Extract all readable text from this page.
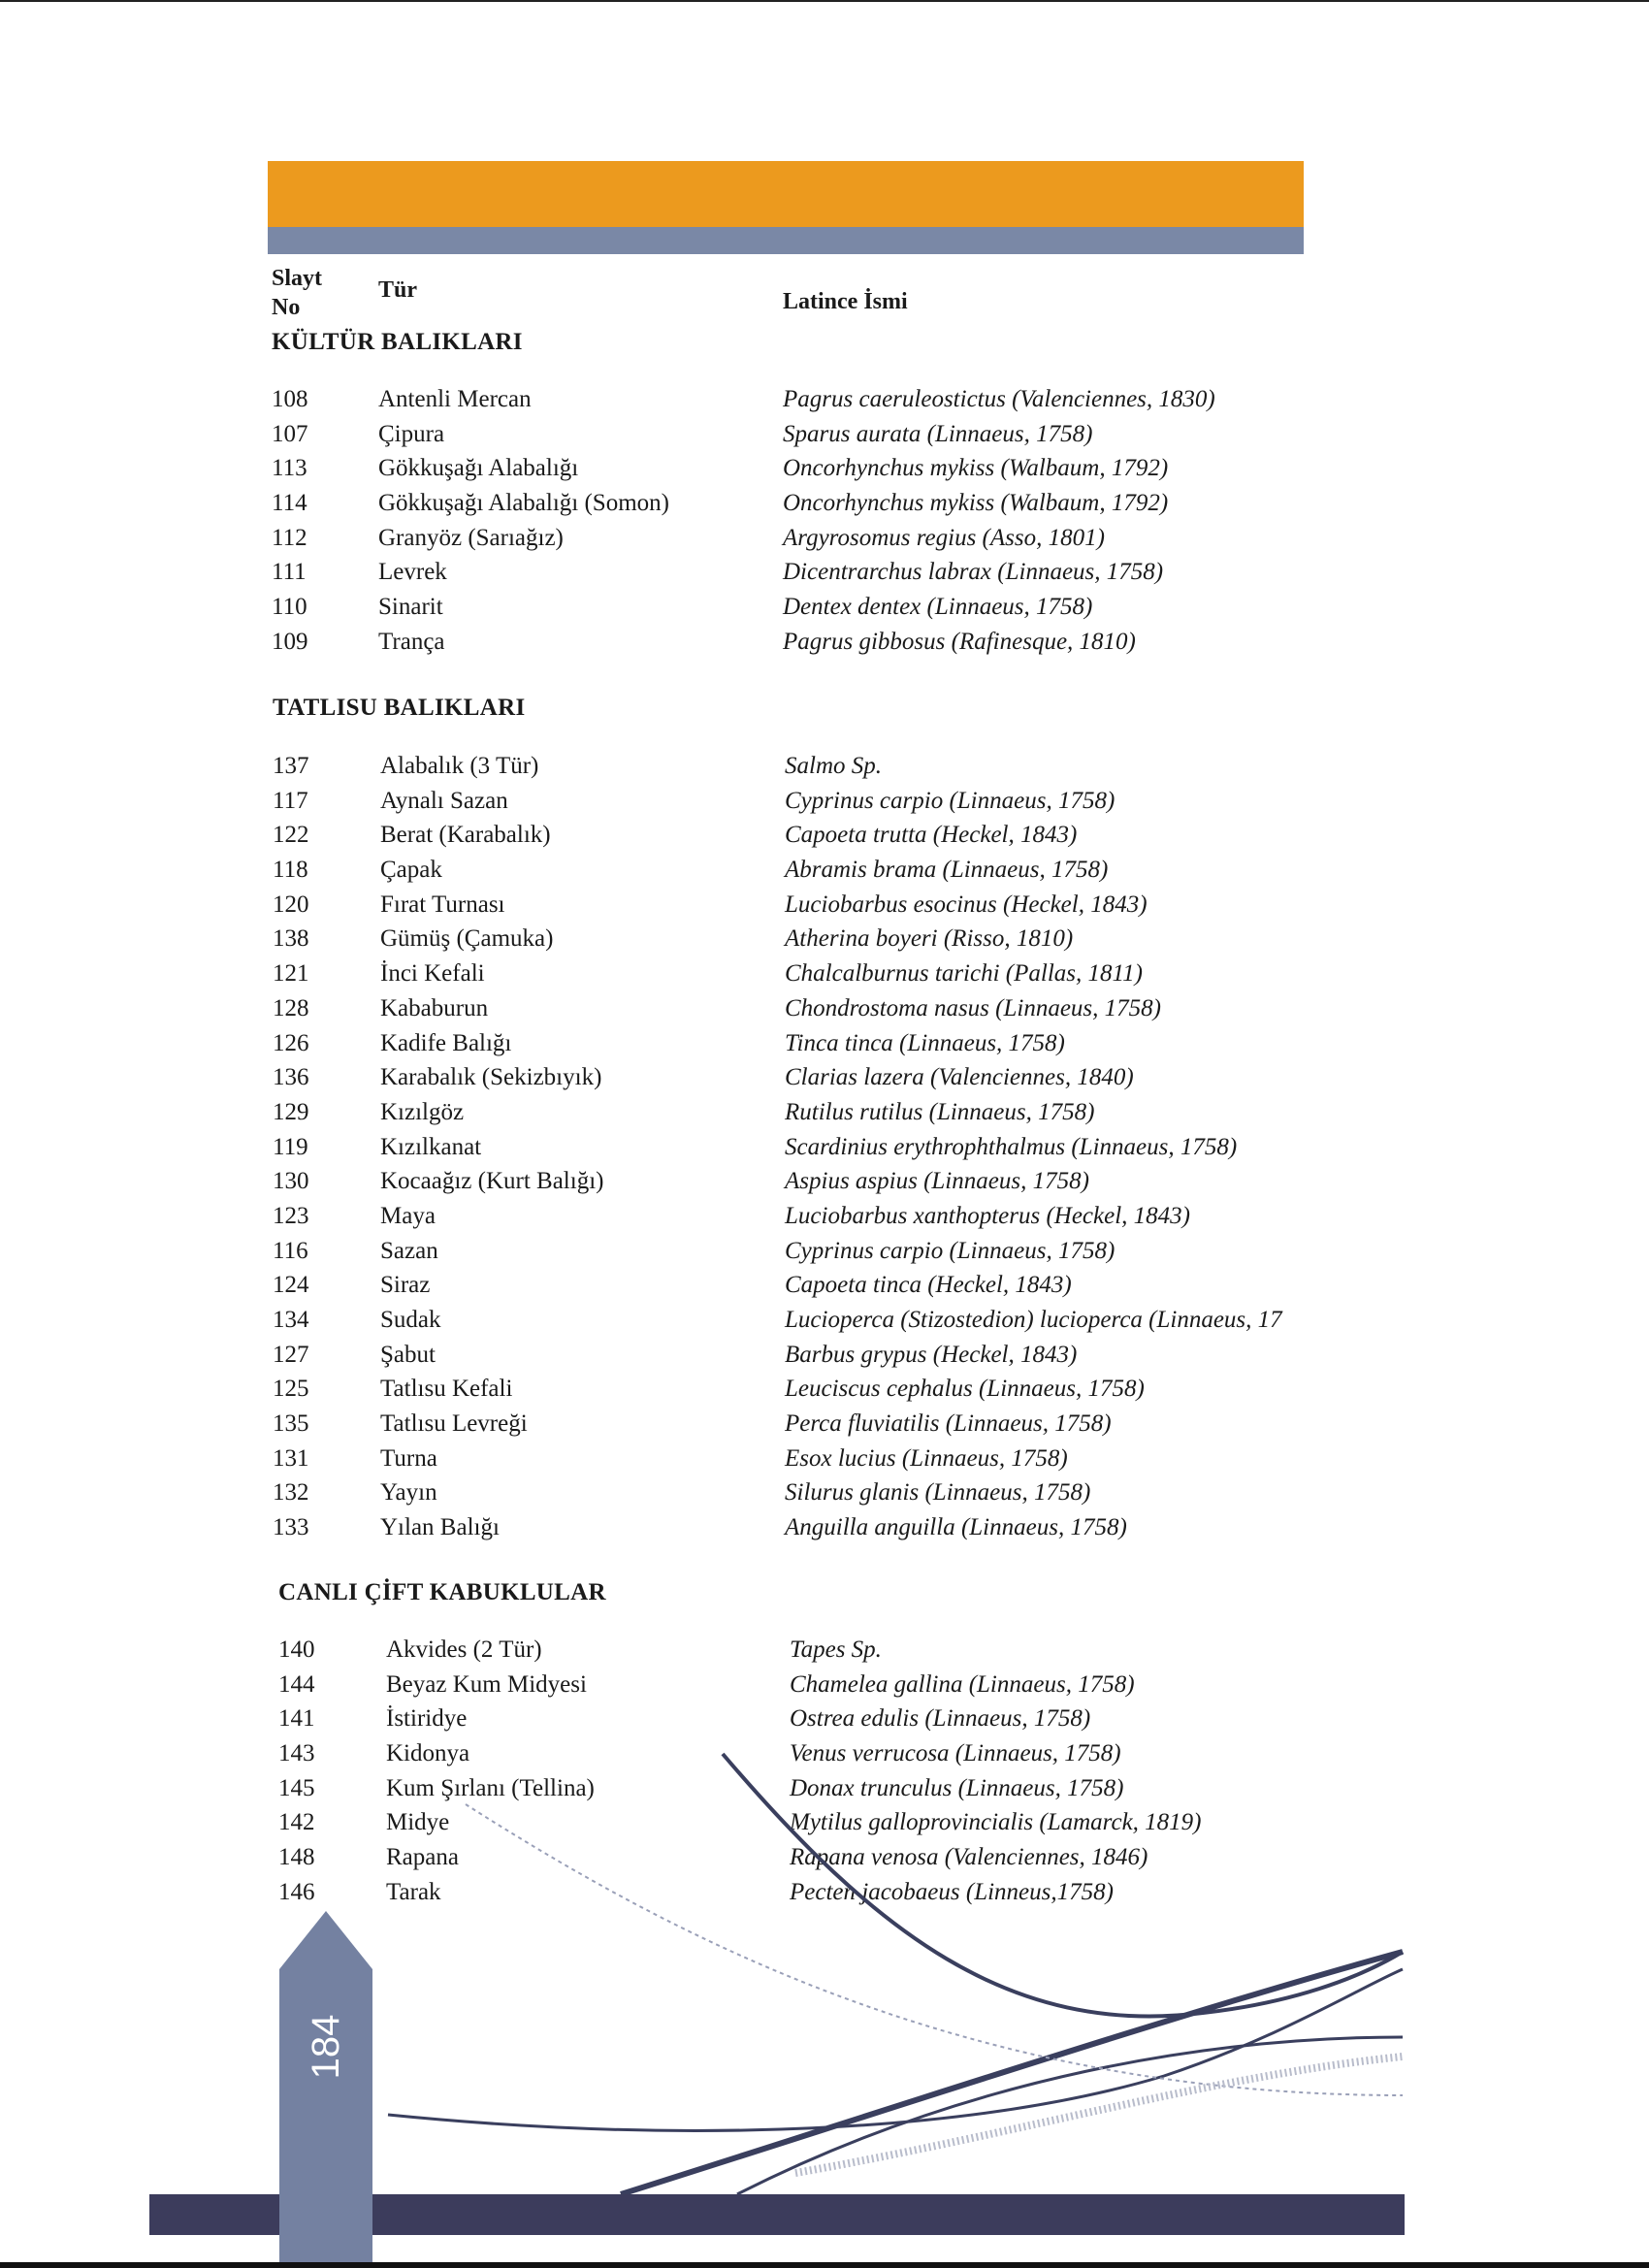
Slayt
No
Tür	Latince İsmi
KÜLTÜR BALIKLARI
108	Antenli Mercan	Pagrus caeruleostictus (Valenciennes, 1830)
107	Çipura	Sparus aurata (Linnaeus, 1758)
113	Gökkuşağı Alabalığı	Oncorhynchus mykiss (Walbaum, 1792)
114	Gökkuşağı Alabalığı (Somon)	Oncorhynchus mykiss (Walbaum, 1792)
112	Granyöz (Sarıağız)	Argyrosomus regius (Asso, 1801)
111	Levrek	Dicentrarchus labrax (Linnaeus, 1758)
110	Sinarit	Dentex dentex (Linnaeus, 1758)
109	Trança	Pagrus gibbosus (Rafinesque, 1810)
TATLISU BALIKLARI
137	Alabalık (3 Tür)	Salmo Sp.
117	Aynalı Sazan	Cyprinus carpio (Linnaeus, 1758)
122	Berat (Karabalık)	Capoeta trutta (Heckel, 1843)
118	Çapak	Abramis brama (Linnaeus, 1758)
120	Fırat Turnası	Luciobarbus esocinus (Heckel, 1843)
138	Gümüş (Çamuka)	Atherina boyeri (Risso, 1810)
121	İnci Kefali	Chalcalburnus tarichi (Pallas, 1811)
128	Kababurun	Chondrostoma nasus (Linnaeus, 1758)
126	Kadife Balığı	Tinca tinca (Linnaeus, 1758)
136	Karabalık (Sekizbıyık)	Clarias lazera (Valenciennes, 1840)
129	Kızılgöz	Rutilus rutilus (Linnaeus, 1758)
119	Kızılkanat	Scardinius erythrophthalmus (Linnaeus, 1758)
130	Kocaağız (Kurt Balığı)	Aspius aspius (Linnaeus, 1758)
123	Maya	Luciobarbus xanthopterus (Heckel, 1843)
116	Sazan	Cyprinus carpio (Linnaeus, 1758)
124	Siraz	Capoeta tinca (Heckel, 1843)
134	Sudak	Lucioperca (Stizostedion) lucioperca (Linnaeus, 17
127	Şabut	Barbus grypus (Heckel, 1843)
125	Tatlısu Kefali	Leuciscus cephalus (Linnaeus, 1758)
135	Tatlısu Levreği	Perca fluviatilis (Linnaeus, 1758)
131	Turna	Esox lucius (Linnaeus, 1758)
132	Yayın	Silurus glanis (Linnaeus, 1758)
133	Yılan Balığı	Anguilla anguilla (Linnaeus, 1758)
CANLI ÇİFT KABUKLULAR
140	Akvides (2 Tür)	Tapes Sp.
144	Beyaz Kum Midyesi	Chamelea gallina (Linnaeus, 1758)
141	İstiridye	Ostrea edulis (Linnaeus, 1758)
143	Kidonya	Venus verrucosa (Linnaeus, 1758)
145	Kum Şırlanı (Tellina)	Donax trunculus (Linnaeus, 1758)
142	Midye	Mytilus galloprovincialis (Lamarck, 1819)
148	Rapana	Rapana venosa (Valenciennes, 1846)
146	Tarak	Pecten jacobaeus (Linneus,1758)
184
